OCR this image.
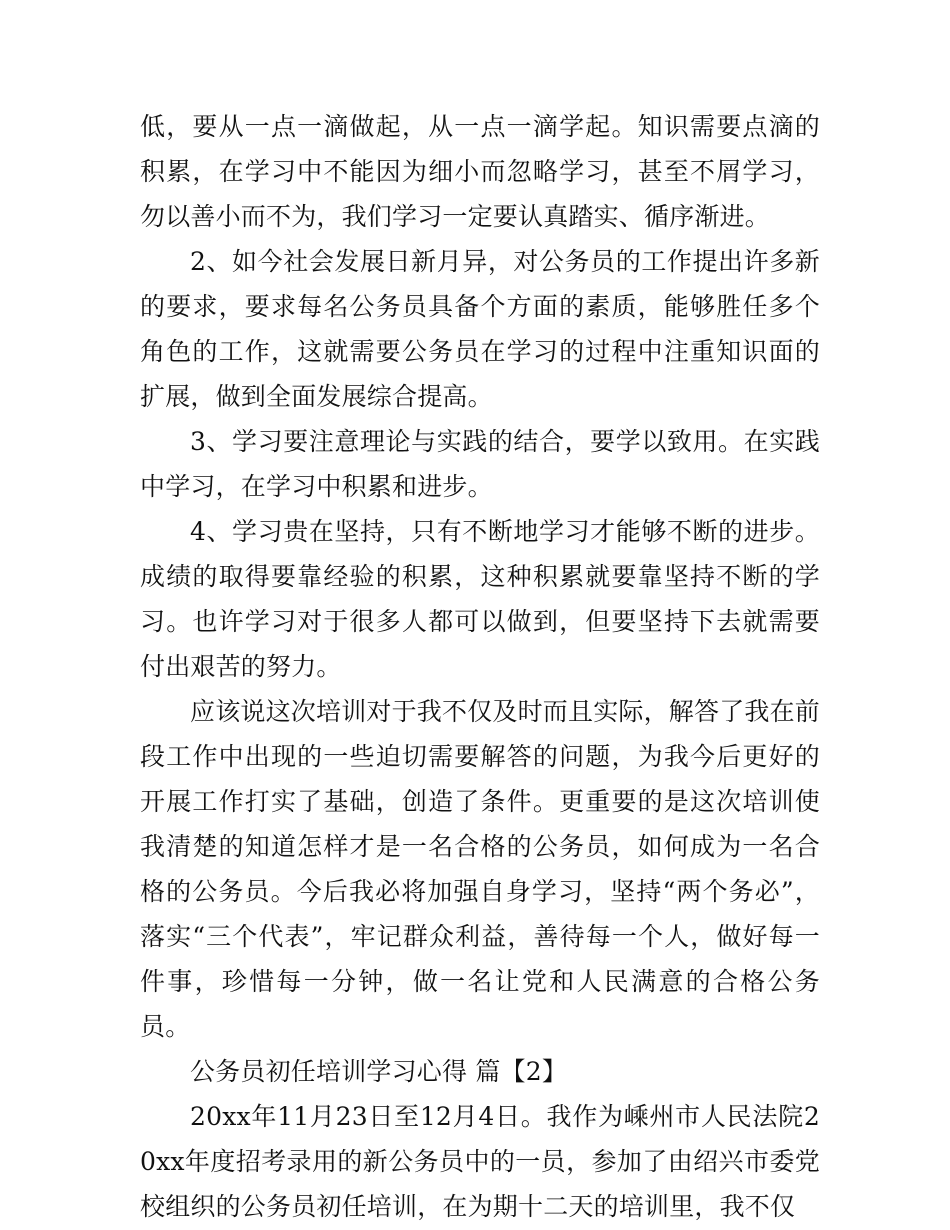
低，要从一点一滴做起，从一点一滴学起。知识需要点滴的积累，在学习中不能因为细小而忽略学习，甚至不屑学习，勿以善小而不为，我们学习一定要认真踏实、循序渐进。

2、如今社会发展日新月异，对公务员的工作提出许多新的要求，要求每名公务员具备个方面的素质，能够胜任多个角色的工作，这就需要公务员在学习的过程中注重知识面的扩展，做到全面发展综合提高。

3、学习要注意理论与实践的结合，要学以致用。在实践中学习，在学习中积累和进步。

4、学习贵在坚持，只有不断地学习才能够不断的进步。成绩的取得要靠经验的积累，这种积累就要靠坚持不断的学习。也许学习对于很多人都可以做到，但要坚持下去就需要付出艰苦的努力。

应该说这次培训对于我不仅及时而且实际，解答了我在前段工作中出现的一些迫切需要解答的问题，为我今后更好的开展工作打实了基础，创造了条件。更重要的是这次培训使我清楚的知道怎样才是一名合格的公务员，如何成为一名合格的公务员。今后我必将加强自身学习，坚持“两个务必”，落实“三个代表”，牢记群众利益，善待每一个人，做好每一件事，珍惜每一分钟，做一名让党和人民满意的合格公务员。

公务员初任培训学习心得 篇【2】

20xx年11月23日至12月4日。我作为嵊州市人民法院20xx年度招考录用的新公务员中的一员，参加了由绍兴市委党校组织的公务员初任培训，在为期十二天的培训里，我不仅
